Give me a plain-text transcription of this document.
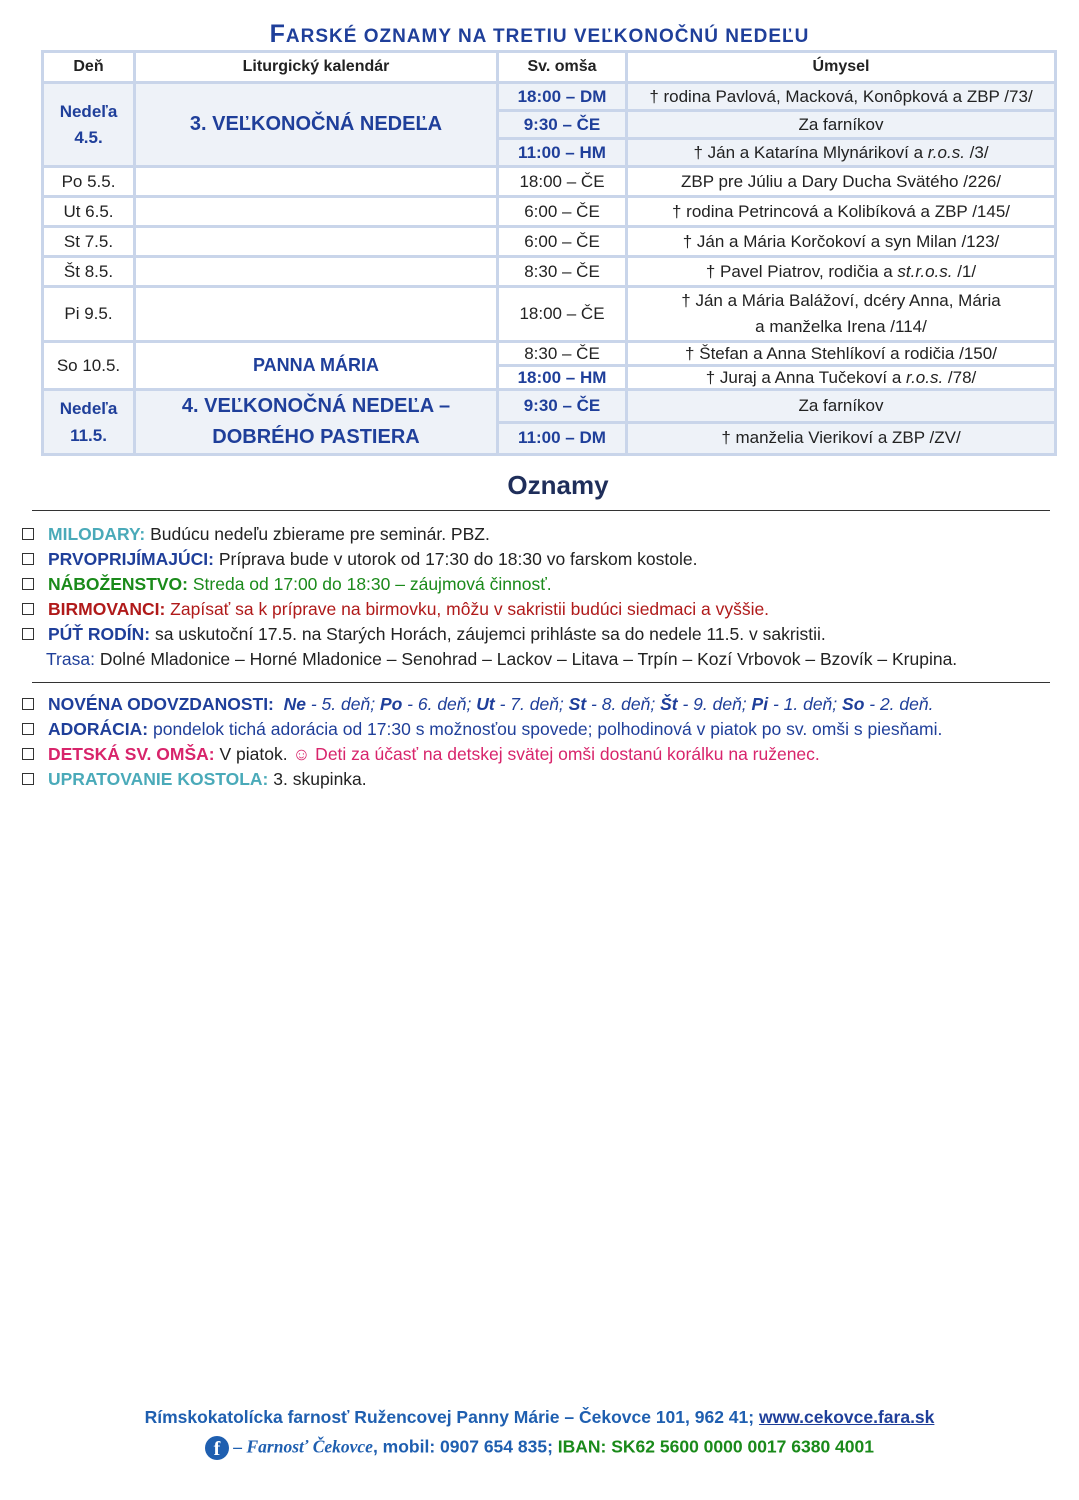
FARSKÉ OZNAMY NA TRETIU VEĽKONOČNÚ NEDEĽU
Deň	Liturgický kalendár	Sv. omša	Úmysel
Nedeľa 4.5.	3. VEĽKONOČNÁ NEDEĽA	18:00 – DM	† rodina Pavlová, Macková, Konôpková a ZBP /73/
		9:30 – ČE	Za farníkov
		11:00 – HM	† Ján a Katarína Mlynárikoví a r.o.s. /3/
Po 5.5.		18:00 – ČE	ZBP pre Júliu a Dary Ducha Svätého /226/
Ut 6.5.		6:00 – ČE	† rodina Petrincová a Kolibíková a ZBP /145/
St 7.5.		6:00 – ČE	† Ján a Mária Korčokoví a syn Milan /123/
Št 8.5.		8:30 – ČE	† Pavel Piatrov, rodičia a st.r.o.s. /1/
Pi 9.5.		18:00 – ČE	† Ján a Mária Balážoví, dcéry Anna, Mária
a manželka Irena /114/
So 10.5.	PANNA MÁRIA	8:30 – ČE	† Štefan a Anna Stehlíkoví a rodičia /150/
		18:00 – HM	† Juraj a Anna Tučekoví a r.o.s. /78/
Nedeľa 11.5.	4. VEĽKONOČNÁ NEDEĽA –
DOBRÉHO PASTIERA	9:30 – ČE	Za farníkov
		11:00 – DM	† manželia Vierikoví a ZBP /ZV/
Oznamy
MILODARY: Budúcu nedeľu zbierame pre seminár. PBZ.
PRVOPRIJÍMAJÚCI: Príprava bude v utorok od 17:30 do 18:30 vo farskom kostole.
NÁBOŽENSTVO: Streda od 17:00 do 18:30 – záujmová činnosť.
BIRMOVANCI: Zapísať sa k príprave na birmovku, môžu v sakristii budúci siedmaci a vyššie.
PÚŤ RODÍN: sa uskutoční 17.5. na Starých Horách, záujemci prihláste sa do nedele 11.5. v sakristii.
Trasa: Dolné Mladonice – Horné Mladonice – Senohrad – Lackov – Litava – Trpín – Kozí Vrbovok – Bzovík – Krupina.
NOVÉNA ODOVZDANOSTI: Ne - 5. deň; Po - 6. deň; Ut - 7. deň; St - 8. deň; Št - 9. deň; Pi - 1. deň; So - 2. deň.
ADORÁCIA: pondelok tichá adorácia od 17:30 s možnosťou spovede; polhodinová v piatok po sv. omši s piesňami.
DETSKÁ SV. OMŠA: V piatok. ☺ Deti za účasť na detskej svätej omši dostanú korálku na ruženec.
UPRATOVANIE KOSTOLA: 3. skupinka.
Rímskokatolícka farnosť Ružencovej Panny Márie – Čekovce 101, 962 41; www.cekovce.fara.sk
f – Farnosť Čekovce, mobil: 0907 654 835; IBAN: SK62 5600 0000 0017 6380 4001
